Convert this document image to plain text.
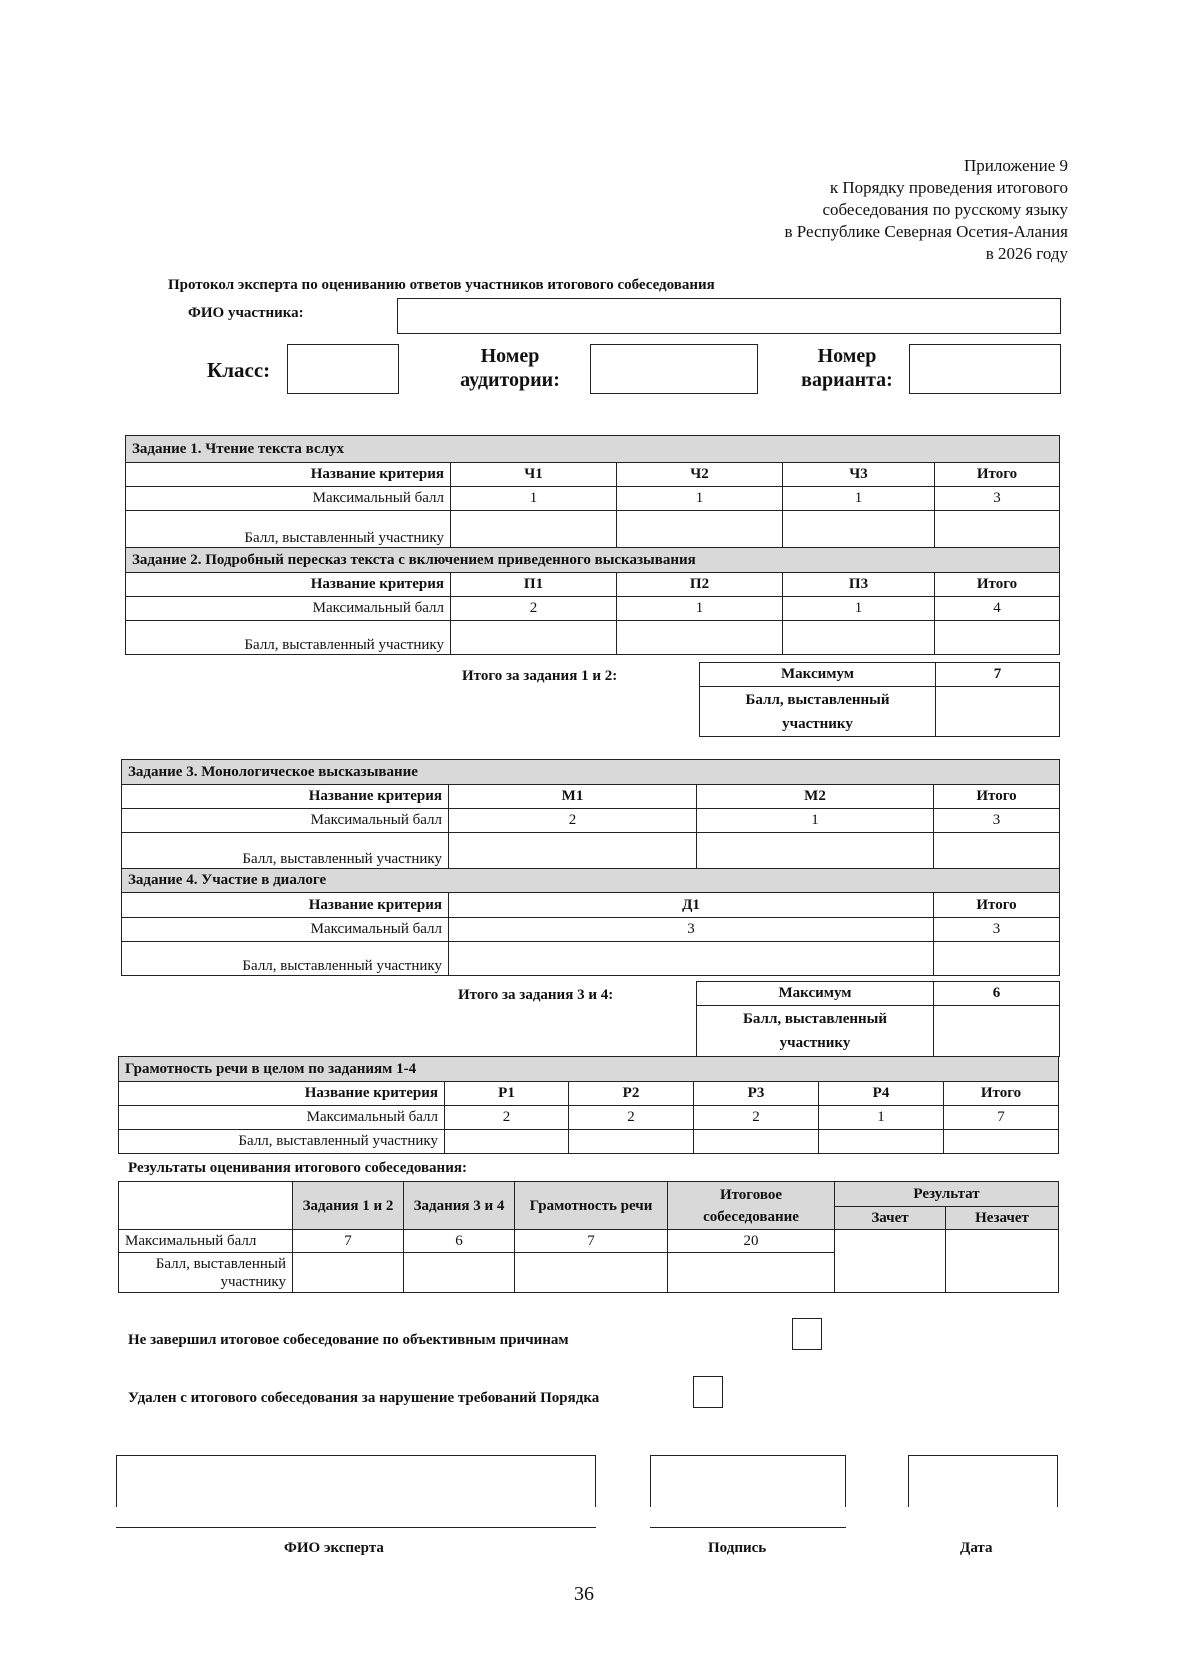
Приложение 9
к Порядку проведения итогового
собеседования по русскому языку
в Республике Северная Осетия-Алания
в 2026 году
Протокол эксперта по оцениванию ответов участников итогового собеседования
ФИО участника:
Класс:
Номер
аудитории:
Номер
варианта:
Задание 1. Чтение текста вслух				
Название критерия	Ч1	Ч2	Ч3	Итого
Максимальный балл	1	1	1	3
Балл, выставленный участнику				
Задание 2. Подробный пересказ текста с включением приведенного высказывания				
Название критерия	П1	П2	П3	Итого
Максимальный балл	2	1	1	4
Балл, выставленный участнику				
Итого за задания 1 и 2:	Максимум	7
Балл, выставленный
участнику	
Задание 3. Монологическое высказывание			
Название критерия	М1	М2	Итого
Максимальный балл	2	1	3
Балл, выставленный участнику			
Задание 4. Участие в диалоге			
Название критерия	Д1		Итого
Максимальный балл	3		3
Балл, выставленный участнику			
Итого за задания 3 и 4:	Максимум	6
Балл, выставленный
участнику	
Грамотность речи в целом по заданиям 1-4					
Название критерия	Р1	Р2	Р3	Р4	Итого
Максимальный балл	2	2	2	1	7
Балл, выставленный участнику					
Результаты оценивания итогового собеседования:
	Задания 1 и 2	Задания 3 и 4	Грамотность речи	Итоговое собеседование	Результат	
					Зачет	Незачет
Максимальный балл	7	6	7	20		
Балл, выставленный участнику						
Не завершил итоговое собеседование по объективным причинам
Удален с итогового собеседования за нарушение требований Порядка
ФИО эксперта	Подпись	Дата
36
